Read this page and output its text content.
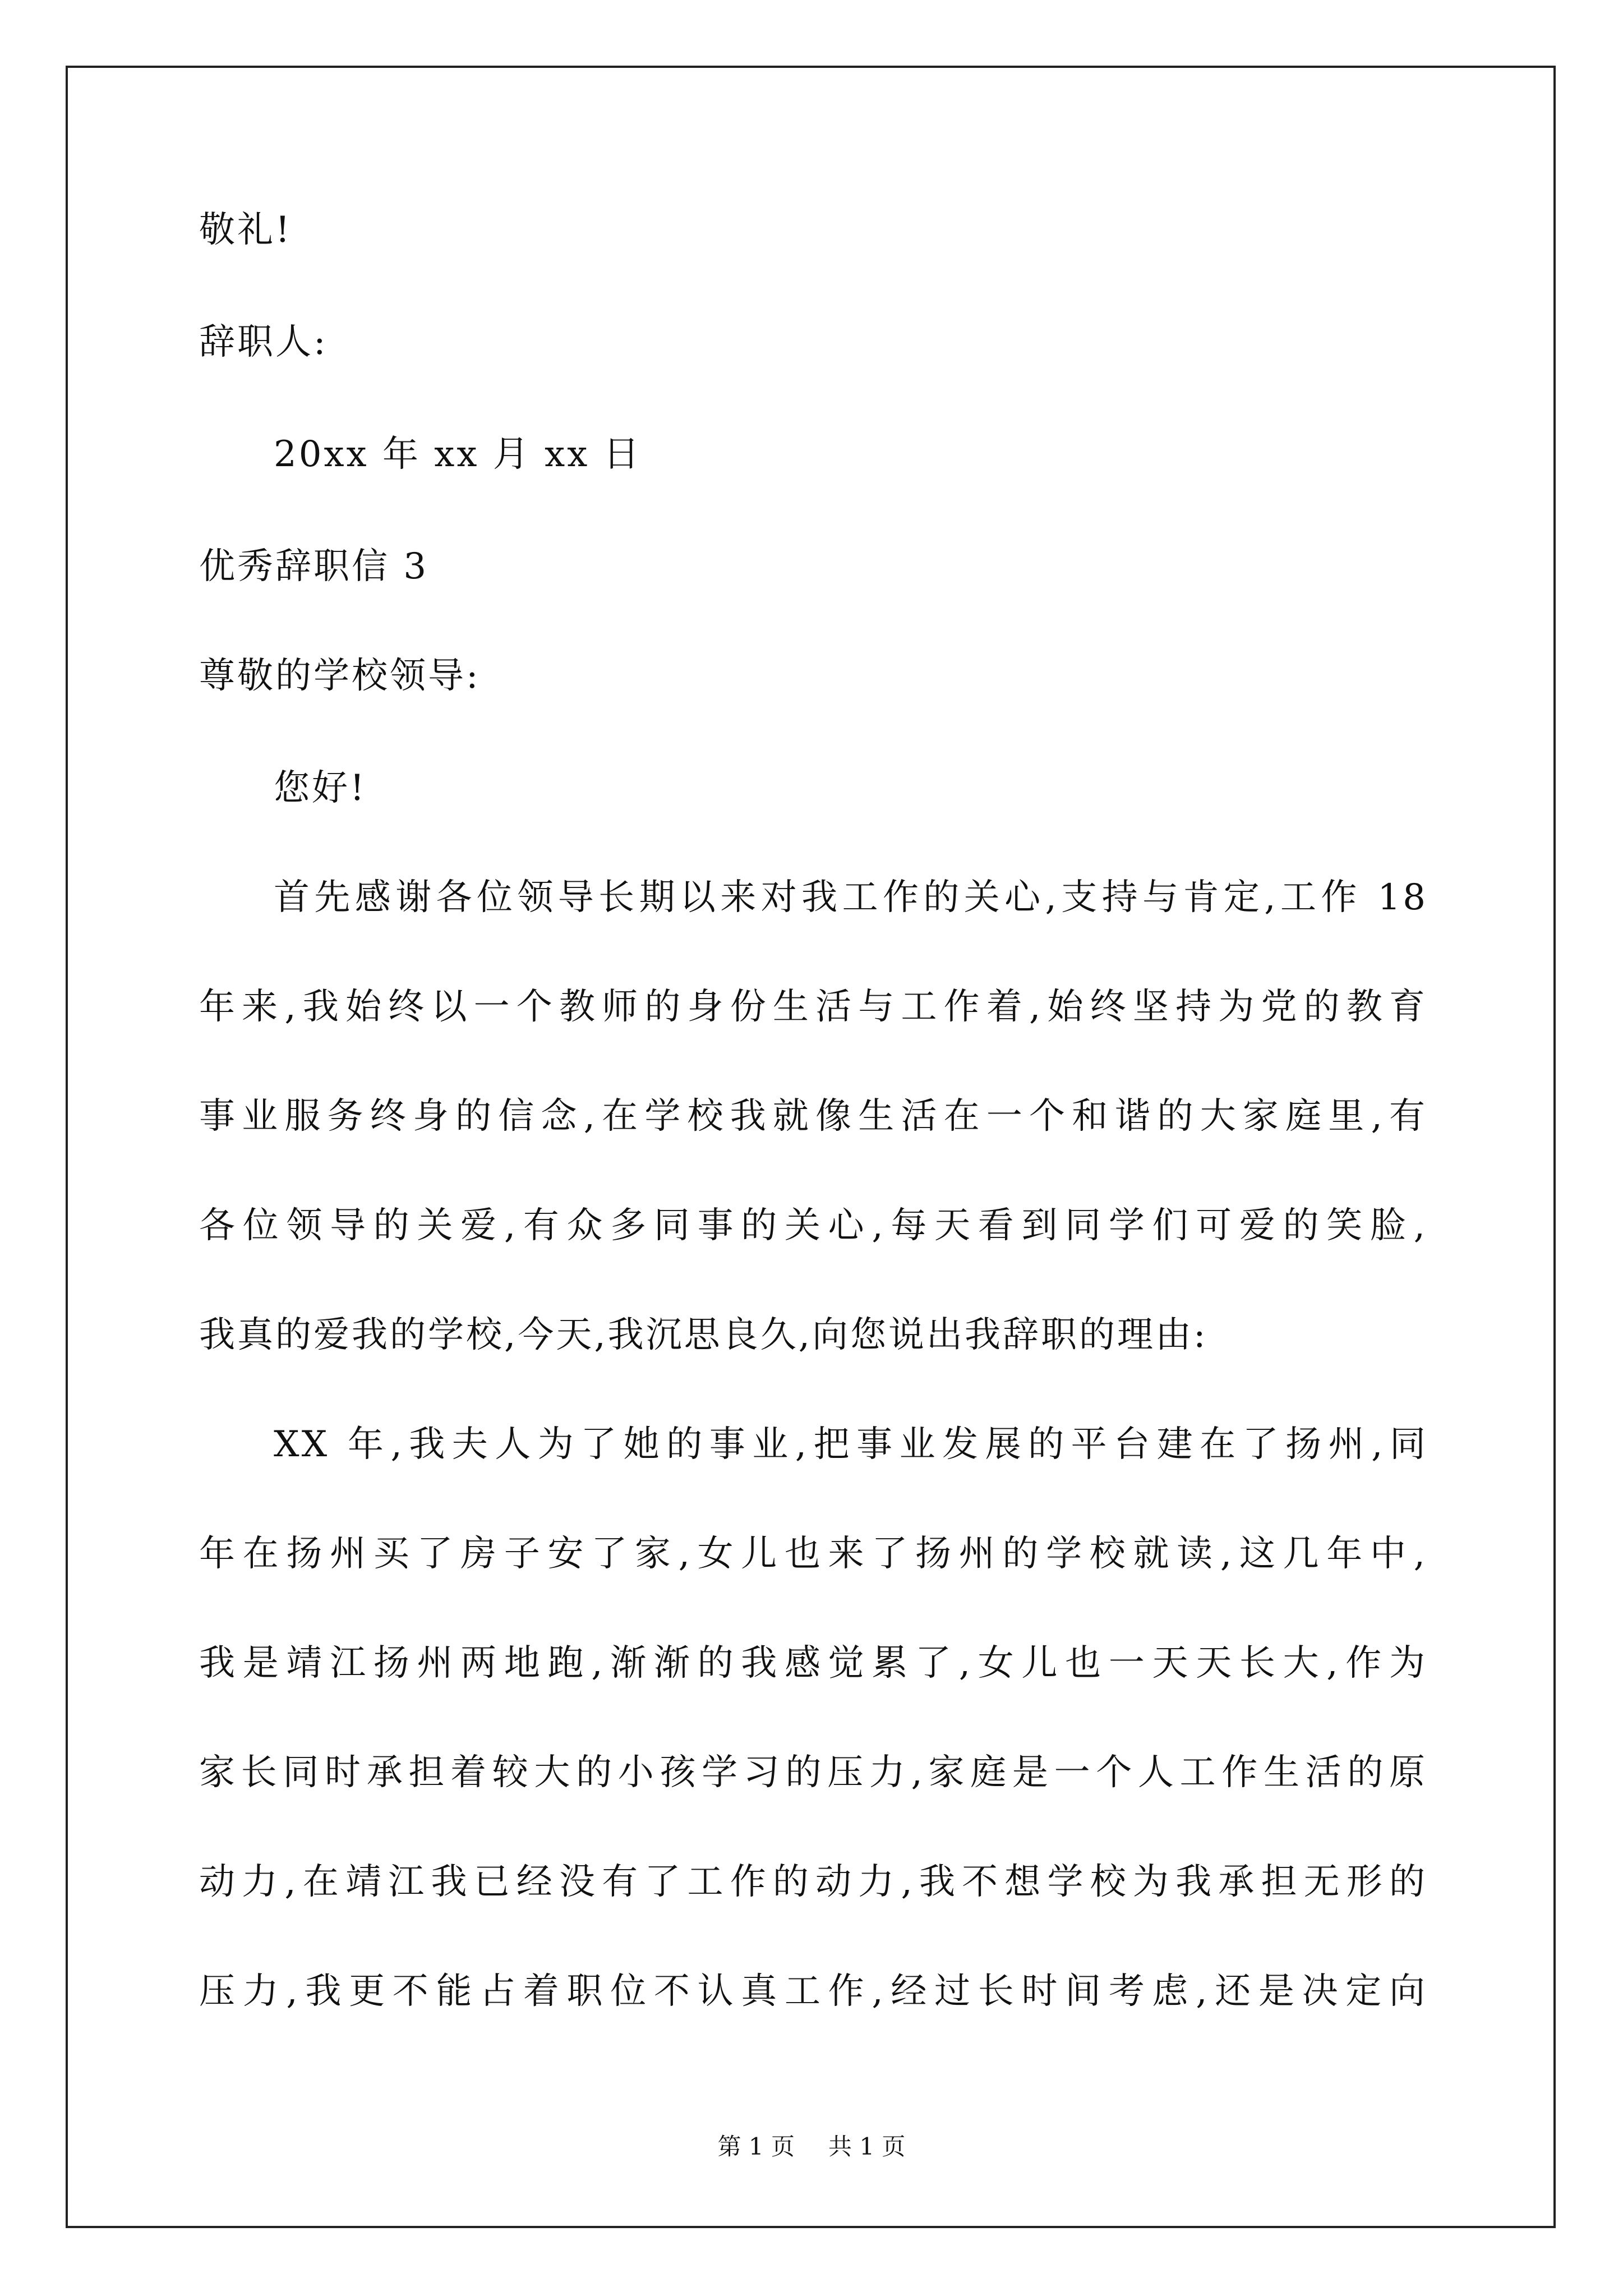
敬礼!
辞职人:
20xx 年 xx 月 xx 日
优秀辞职信 3
尊敬的学校领导:
您好!
首先感谢各位领导长期以来对我工作的关心,支持与肯定,工作 18
年来,我始终以一个教师的身份生活与工作着,始终坚持为党的教育
事业服务终身的信念,在学校我就像生活在一个和谐的大家庭里,有
各位领导的关爱,有众多同事的关心,每天看到同学们可爱的笑脸,
我真的爱我的学校,今天,我沉思良久,向您说出我辞职的理由:
XX 年,我夫人为了她的事业,把事业发展的平台建在了扬州,同
年在扬州买了房子安了家,女儿也来了扬州的学校就读,这几年中,
我是靖江扬州两地跑,渐渐的我感觉累了,女儿也一天天长大,作为
家长同时承担着较大的小孩学习的压力,家庭是一个人工作生活的原
动力,在靖江我已经没有了工作的动力,我不想学校为我承担无形的
压力,我更不能占着职位不认真工作,经过长时间考虑,还是决定向
第 1 页 共 1 页
